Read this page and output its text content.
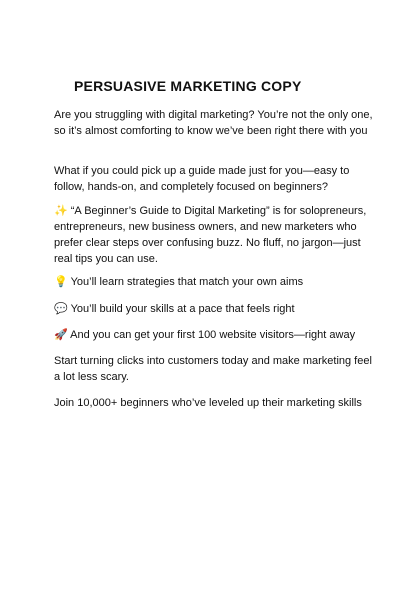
PERSUASIVE MARKETING COPY

Are you struggling with digital marketing? You’re not the only one, so it’s almost comforting to know we’ve been right there with you

What if you could pick up a guide made just for you—easy to follow, hands-on, and completely focused on beginners?

✨ “A Beginner’s Guide to Digital Marketing” is for solopreneurs, entrepreneurs, new business owners, and new marketers who prefer clear steps over confusing buzz. No fluff, no jargon—just real tips you can use.

💡 You’ll learn strategies that match your own aims

💬 You’ll build your skills at a pace that feels right

🚀 And you can get your first 100 website visitors—right away

Start turning clicks into customers today and make marketing feel a lot less scary.

Join 10,000+ beginners who’ve leveled up their marketing skills
